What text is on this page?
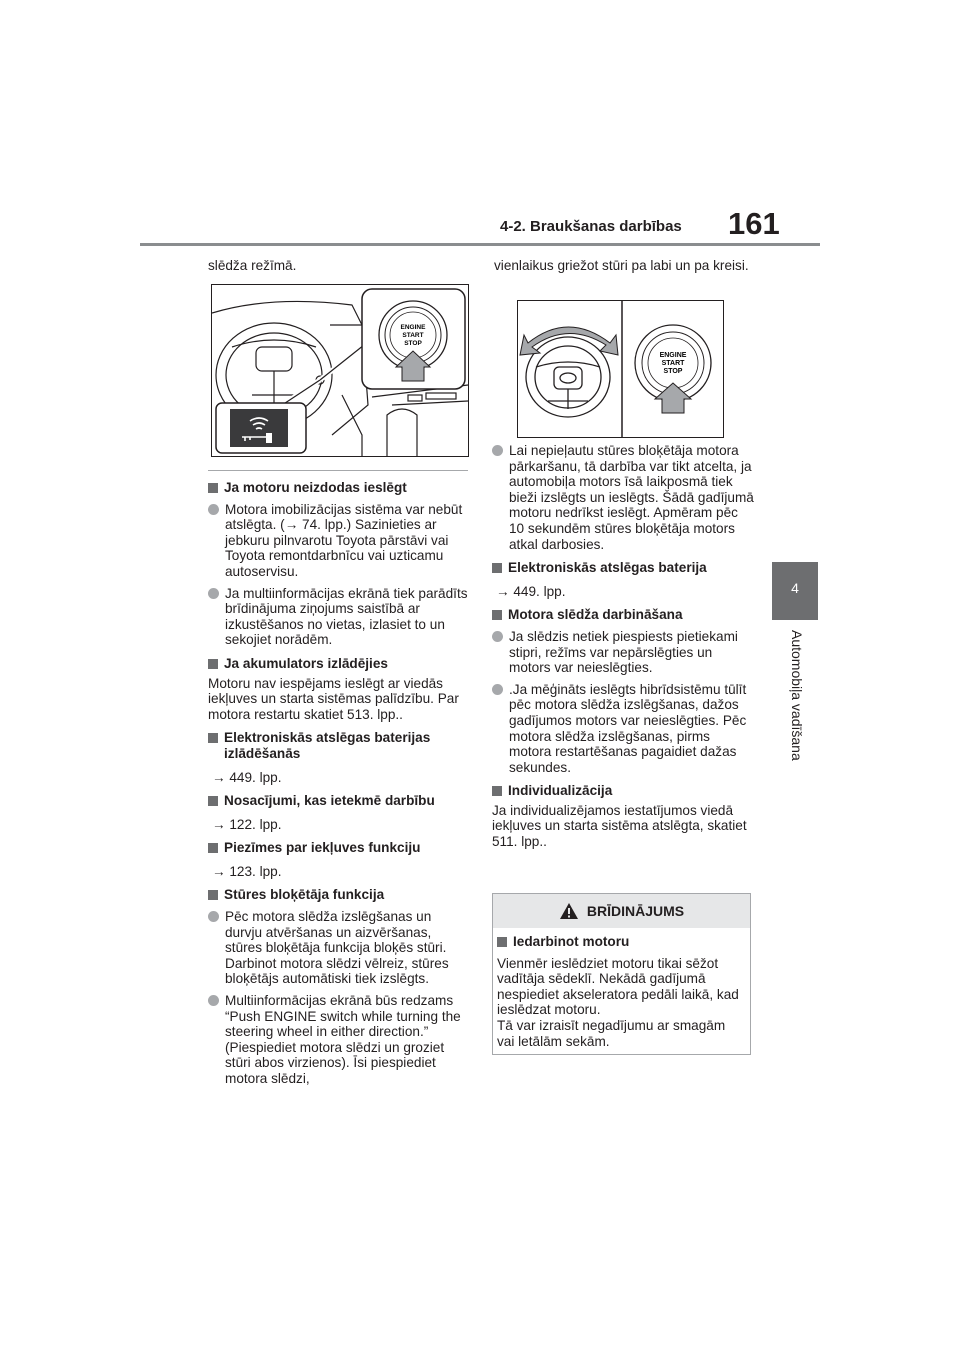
4-2. Braukšanas darbības	161
4
Automobiļa vadīšana

slēdža režīmā.

ENGINE
START
STOP

Ja motoru neizdodas ieslēgt

Motora imobilizācijas sistēma var nebūt atslēgta. (→ 74. lpp.) Sazinieties ar jebkuru pilnvarotu Toyota pārstāvi vai Toyota remontdarbnīcu vai uzticamu autoservisu.

Ja multiinformācijas ekrānā tiek parādīts brīdinājuma ziņojums saistībā ar izkustēšanos no vietas, izlasiet to un sekojiet norādēm.

Ja akumulators izlādējies

Motoru nav iespējams ieslēgt ar viedās iekļuves un starta sistēmas palīdzību. Par motora restartu skatiet 513. lpp..

Elektroniskās atslēgas baterijas izlādēšanās

→ 449. lpp.

Nosacījumi, kas ietekmē darbību

→ 122. lpp.

Piezīmes par iekļuves funkciju

→ 123. lpp.

Stūres bloķētāja funkcija

Pēc motora slēdža izslēgšanas un durvju atvēršanas un aizvēršanas, stūres bloķētāja funkcija bloķēs stūri. Darbinot motora slēdzi vēlreiz, stūres bloķētājs automātiski tiek izslēgts.

Multiinformācijas ekrānā būs redzams “Push ENGINE switch while turning the steering wheel in either direction.” (Piespiediet motora slēdzi un groziet stūri abos virzienos). Īsi piespiediet motora slēdzi,

vienlaikus griežot stūri pa labi un pa kreisi.

ENGINE
START
STOP

Lai nepieļautu stūres bloķētāja motora pārkaršanu, tā darbība var tikt atcelta, ja automobiļa motors īsā laikposmā tiek bieži izslēgts un ieslēgts. Šādā gadījumā motoru nedrīkst ieslēgt. Apmēram pēc 10 sekundēm stūres bloķētāja motors atkal darbosies.

Elektroniskās atslēgas baterija

→ 449. lpp.

Motora slēdža darbināšana

Ja slēdzis netiek piespiests pietiekami stipri, režīms var nepārslēgties un motors var neieslēgties.

.Ja mēģināts ieslēgts hibrīdsistēmu tūlīt pēc motora slēdža izslēgšanas, dažos gadījumos motors var neieslēgties. Pēc motora slēdža izslēgšanas, pirms motora restartēšanas pagaidiet dažas sekundes.

Individualizācija

Ja individualizējamos iestatījumos viedā iekļuves un starta sistēma atslēgta, skatiet 511. lpp..

BRĪDINĀJUMS

Iedarbinot motoru

Vienmēr ieslēdziet motoru tikai sēžot vadītāja sēdeklī. Nekādā gadījumā nespiediet akseleratora pedāli laikā, kad ieslēdzat motoru.

Tā var izraisīt negadījumu ar smagām vai letālām sekām.
